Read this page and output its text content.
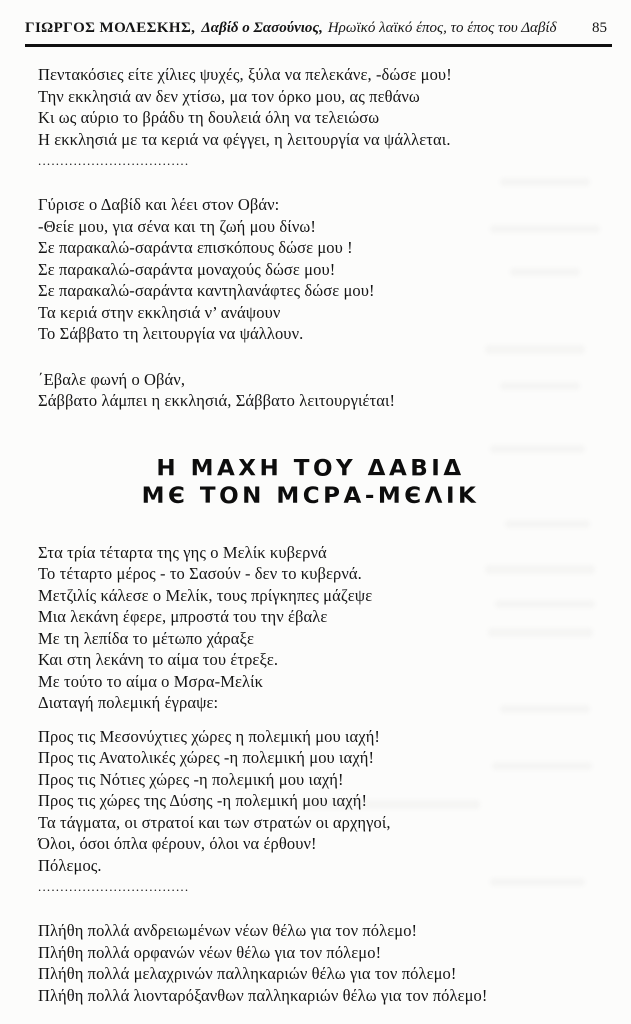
ΓΙΩΡΓΟΣ ΜΟΛΕΣΚΗΣ, Δαβίδ ο Σασούνιος, Ηρωϊκό λαϊκό έπος, το έπος του Δαβίδ 85
Πεντακόσιες είτε χίλιες ψυχές, ξύλα να πελεκάνε, -δώσε μου!
Την εκκλησιά αν δεν χτίσω, μα τον όρκο μου, ας πεθάνω
Κι ως αύριο το βράδυ τη δουλειά όλη να τελειώσω
Η εκκλησιά με τα κεριά να φέγγει, η λειτουργία να ψάλλεται.
..................................
Γύρισε ο Δαβίδ και λέει στον Οβάν:
-Θείε μου, για σένα και τη ζωή μου δίνω!
Σε παρακαλώ-σαράντα επισκόπους δώσε μου !
Σε παρακαλώ-σαράντα μοναχούς δώσε μου!
Σε παρακαλώ-σαράντα καντηλανάφτες δώσε μου!
Τα κεριά στην εκκλησιά ν’ ανάψουν
Το Σάββατο τη λειτουργία να ψάλλουν.
΄Εβαλε φωνή ο Οβάν,
Σάββατο λάμπει η εκκλησιά, Σάββατο λειτουργιέται!
Η ΜΑΧΗ ΤΟΥ ΔΑΒΙΔ
ΜЄ ΤΟΝ ΜCΡΑ-ΜЄΛΙΚ
Στα τρία τέταρτα της γης ο Μελίκ κυβερνά
Το τέταρτο μέρος - το Σασούν - δεν το κυβερνά.
Μετζιλίς κάλεσε ο Μελίκ, τους πρίγκηπες μάζεψε
Μια λεκάνη έφερε, μπροστά του την έβαλε
Με τη λεπίδα το μέτωπο χάραξε
Και στη λεκάνη το αίμα του έτρεξε.
Με τούτο το αίμα ο Μσρα-Μελίκ
Διαταγή πολεμική έγραψε:
Προς τις Μεσονύχτιες χώρες η πολεμική μου ιαχή!
Προς τις Ανατολικές χώρες -η πολεμική μου ιαχή!
Προς τις Νότιες χώρες -η πολεμική μου ιαχή!
Προς τις χώρες της Δύσης -η πολεμική μου ιαχή!
Τα τάγματα, οι στρατοί και των στρατών οι αρχηγοί,
Όλοι, όσοι όπλα φέρουν, όλοι να έρθουν!
Πόλεμος.
..................................
Πλήθη πολλά ανδρειωμένων νέων θέλω για τον πόλεμο!
Πλήθη πολλά ορφανών νέων θέλω για τον πόλεμο!
Πλήθη πολλά μελαχρινών παλληκαριών θέλω για τον πόλεμο!
Πλήθη πολλά λιονταρόξανθων παλληκαριών θέλω για τον πόλεμο!
